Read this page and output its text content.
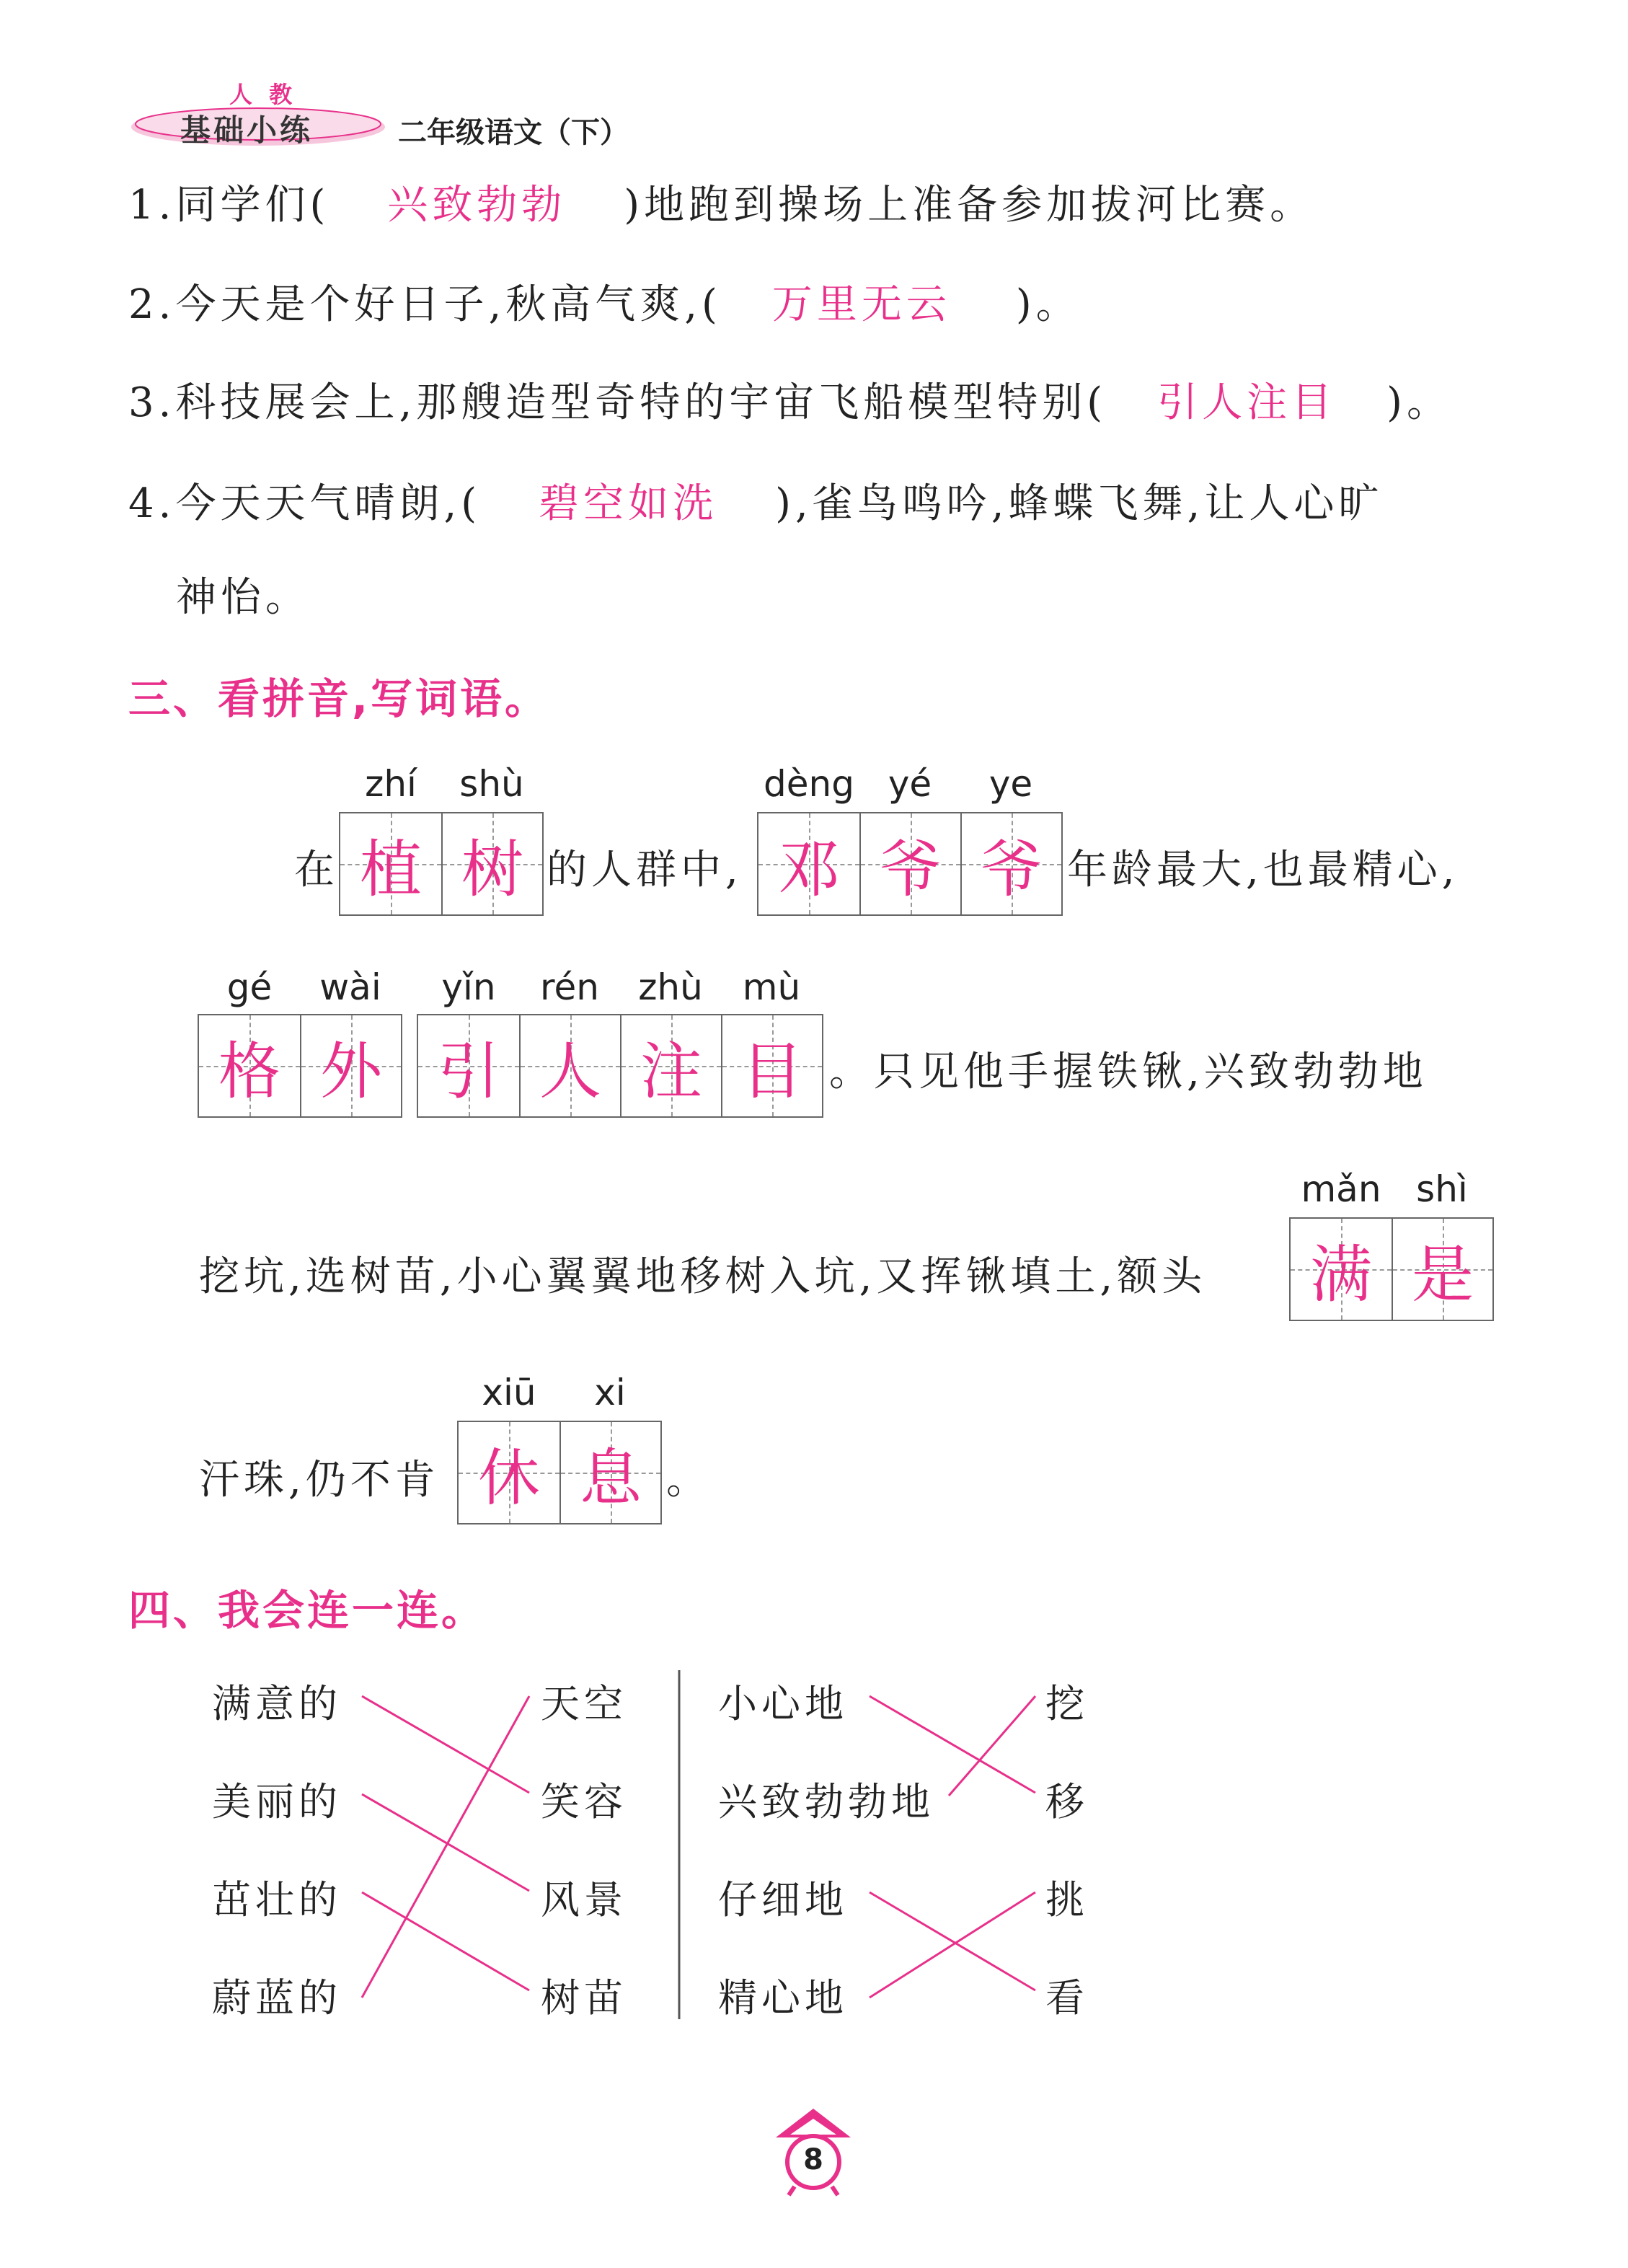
人 教
基础小练	二年级语文（下）
1.同学们( 兴致勃勃 )地跑到操场上准备参加拔河比赛。
2.今天是个好日子,秋高气爽,( 万里无云 )。
3.科技展会上,那艘造型奇特的宇宙飞船模型特别( 引人注目 )。
4.今天天气晴朗,( 碧空如洗 ),雀鸟鸣吟,蜂蝶飞舞,让人心旷
神怡。
三、看拼音,写词语。
zhí	shù	dèng yé	ye
在 植 树 的人群中, 邓 爷 爷 年龄最大,也最精心,
gé	wài	yǐn	rén	zhù	mù
格 外 引 人 注 目 。只见他手握铁锹,兴致勃勃地
mǎn shì
挖坑,选树苗,小心翼翼地移树入坑,又挥锹填土,额头	满 是
xiū	xi
汗珠,仍不肯 休 息 。
四、我会连一连。
满意的
美丽的
茁壮的
蔚蓝的
天空
笑容
风景
树苗
小心地
兴致勃勃地
仔细地
精心地
挖
移
挑
看
8
